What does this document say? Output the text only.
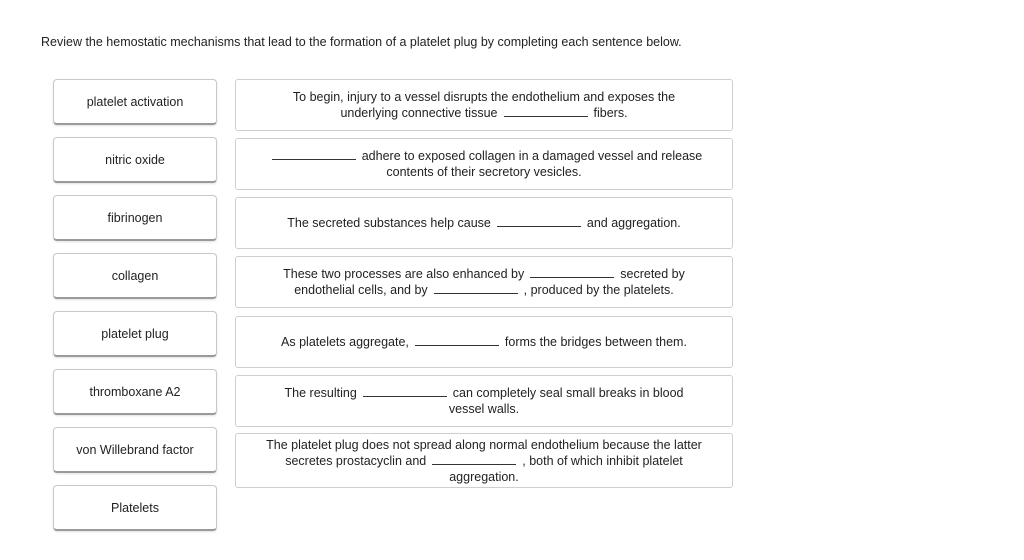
Review the hemostatic mechanisms that lead to the formation of a platelet plug by completing each sentence below.
platelet activation
nitric oxide
fibrinogen
collagen
platelet plug
thromboxane A2
von Willebrand factor
Platelets
To begin, injury to a vessel disrupts the endothelium and exposes the
underlying connective tissue	fibers.
adhere to exposed collagen in a damaged vessel and release
contents of their secretory vesicles.
The secreted substances help cause	and aggregation.
These two processes are also enhanced by	secreted by
endothelial cells, and by	, produced by the platelets.
As platelets aggregate,	forms the bridges between them.
The resulting	can completely seal small breaks in blood
vessel walls.
The platelet plug does not spread along normal endothelium because the latter
secretes prostacyclin and	, both of which inhibit platelet
aggregation.
